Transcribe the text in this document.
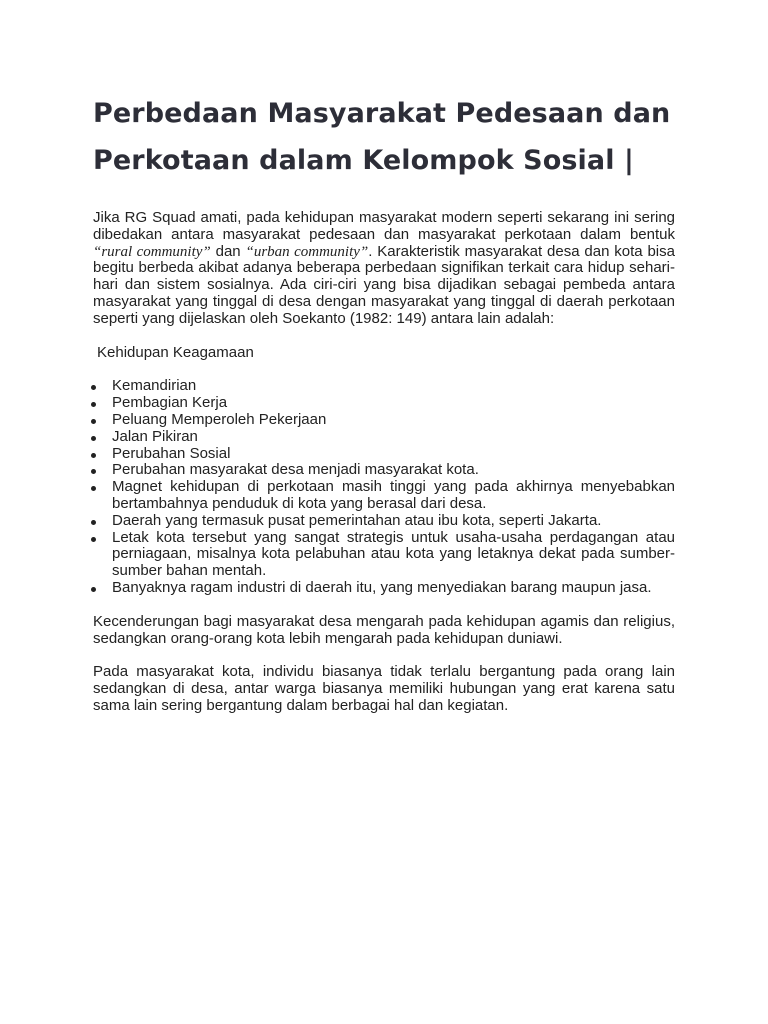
Perbedaan Masyarakat Pedesaan dan
Perkotaan dalam Kelompok Sosial |

Jika RG Squad amati, pada kehidupan masyarakat modern seperti sekarang ini sering dibedakan antara masyarakat pedesaan dan masyarakat perkotaan dalam bentuk “rural community” dan “urban community”. Karakteristik masyarakat desa dan kota bisa begitu berbeda akibat adanya beberapa perbedaan signifikan terkait cara hidup sehari-hari dan sistem sosialnya. Ada ciri-ciri yang bisa dijadikan sebagai pembeda antara masyarakat yang tinggal di desa dengan masyarakat yang tinggal di daerah perkotaan seperti yang dijelaskan oleh Soekanto (1982: 149) antara lain adalah:

Kehidupan Keagamaan

Kemandirian
Pembagian Kerja
Peluang Memperoleh Pekerjaan
Jalan Pikiran
Perubahan Sosial
Perubahan masyarakat desa menjadi masyarakat kota.
Magnet kehidupan di perkotaan masih tinggi yang pada akhirnya menyebabkan bertambahnya penduduk di kota yang berasal dari desa.
Daerah yang termasuk pusat pemerintahan atau ibu kota, seperti Jakarta.
Letak kota tersebut yang sangat strategis untuk usaha-usaha perdagangan atau perniagaan, misalnya kota pelabuhan atau kota yang letaknya dekat pada sumber-sumber bahan mentah.
Banyaknya ragam industri di daerah itu, yang menyediakan barang maupun jasa.

Kecenderungan bagi masyarakat desa mengarah pada kehidupan agamis dan religius, sedangkan orang-orang kota lebih mengarah pada kehidupan duniawi.

Pada masyarakat kota, individu biasanya tidak terlalu bergantung pada orang lain sedangkan di desa, antar warga biasanya memiliki hubungan yang erat karena satu sama lain sering bergantung dalam berbagai hal dan kegiatan.
